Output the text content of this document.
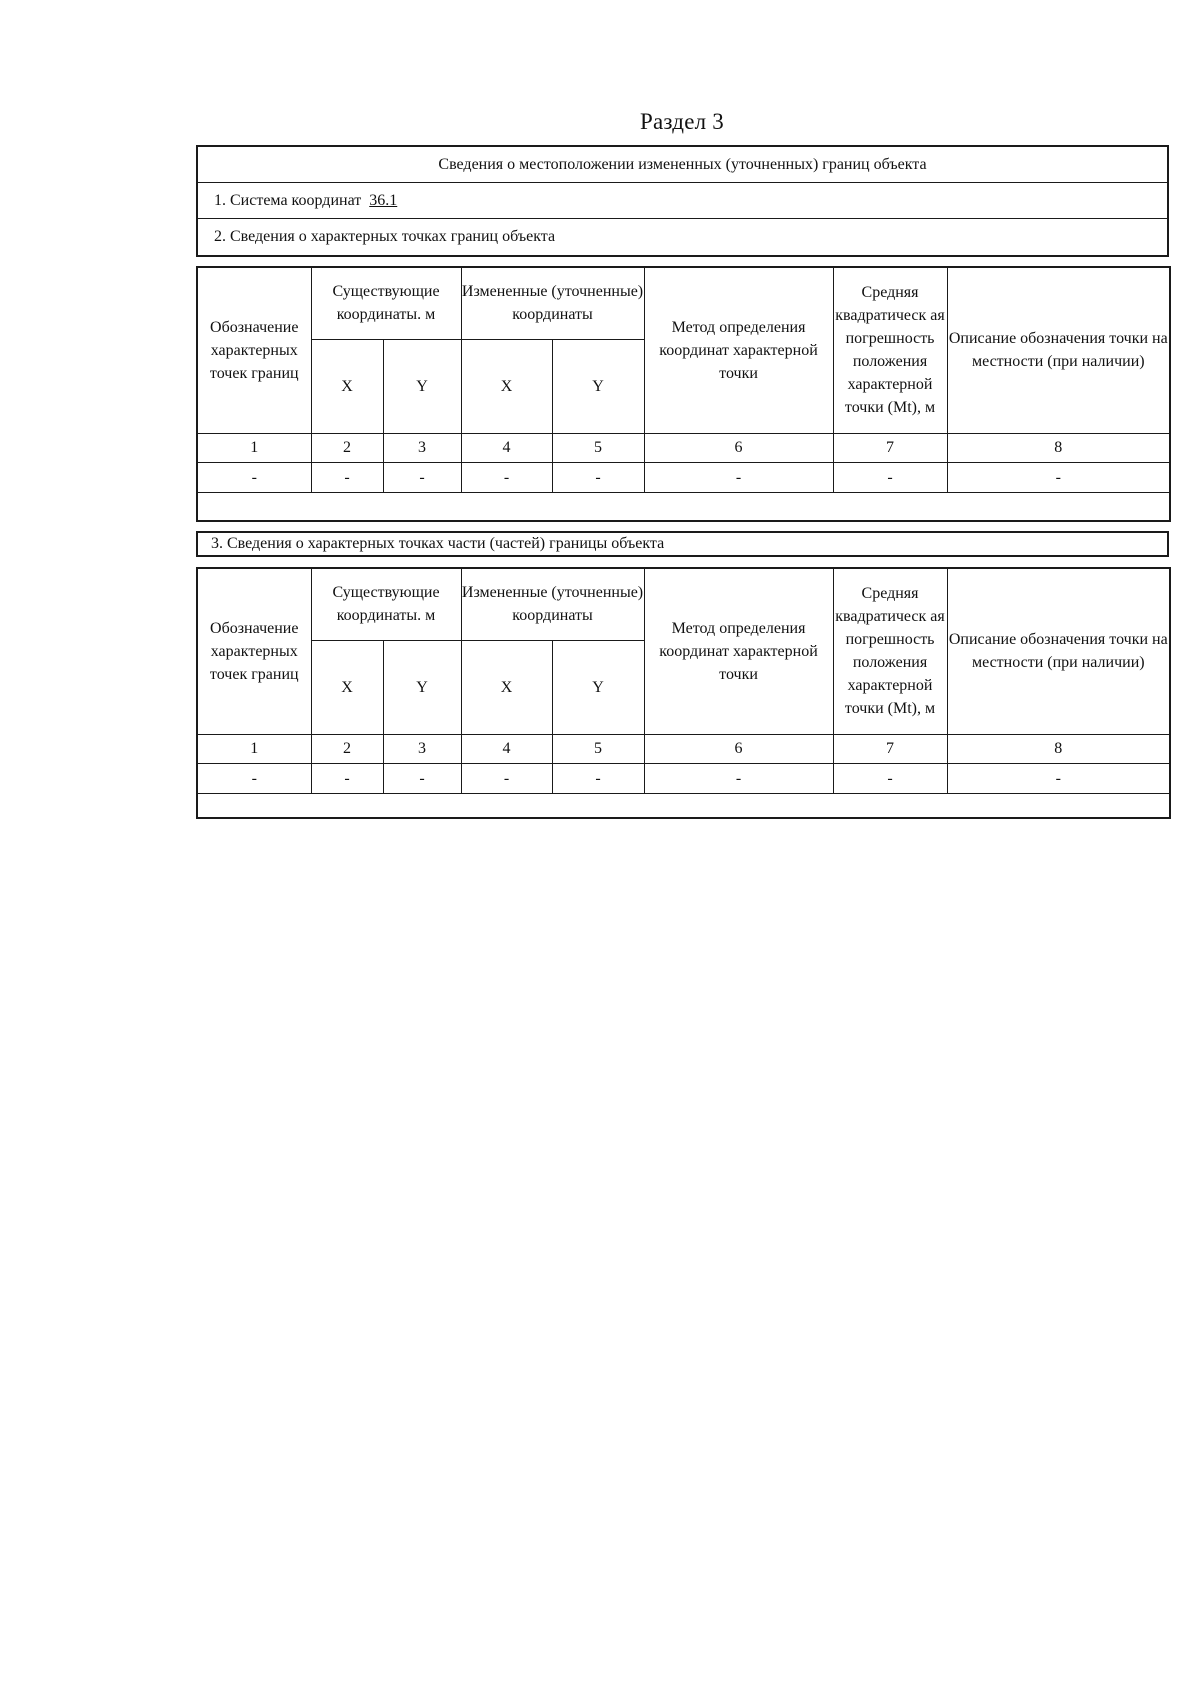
Раздел 3
Сведения о местоположении измененных (уточненных) границ объекта
1. Система координат 36.1
2. Сведения о характерных точках границ объекта
Обозначение характерных точек границ	Существующие координаты. м		Измененные (уточненные) координаты		Метод определения координат характерной точки	Средняя квадратическ ая погрешность положения характерной точки (Mt), м	Описание обозначения точки на местности (при наличии)
	X	Y	X	Y			
1	2	3	4	5	6	7	8
-	-	-	-	-	-	-	-

3. Сведения о характерных точках части (частей) границы объекта
Обозначение характерных точек границ	Существующие координаты. м		Измененные (уточненные) координаты		Метод определения координат характерной точки	Средняя квадратическ ая погрешность положения характерной точки (Mt), м	Описание обозначения точки на местности (при наличии)
	X	Y	X	Y			
1	2	3	4	5	6	7	8
-	-	-	-	-	-	-	-
